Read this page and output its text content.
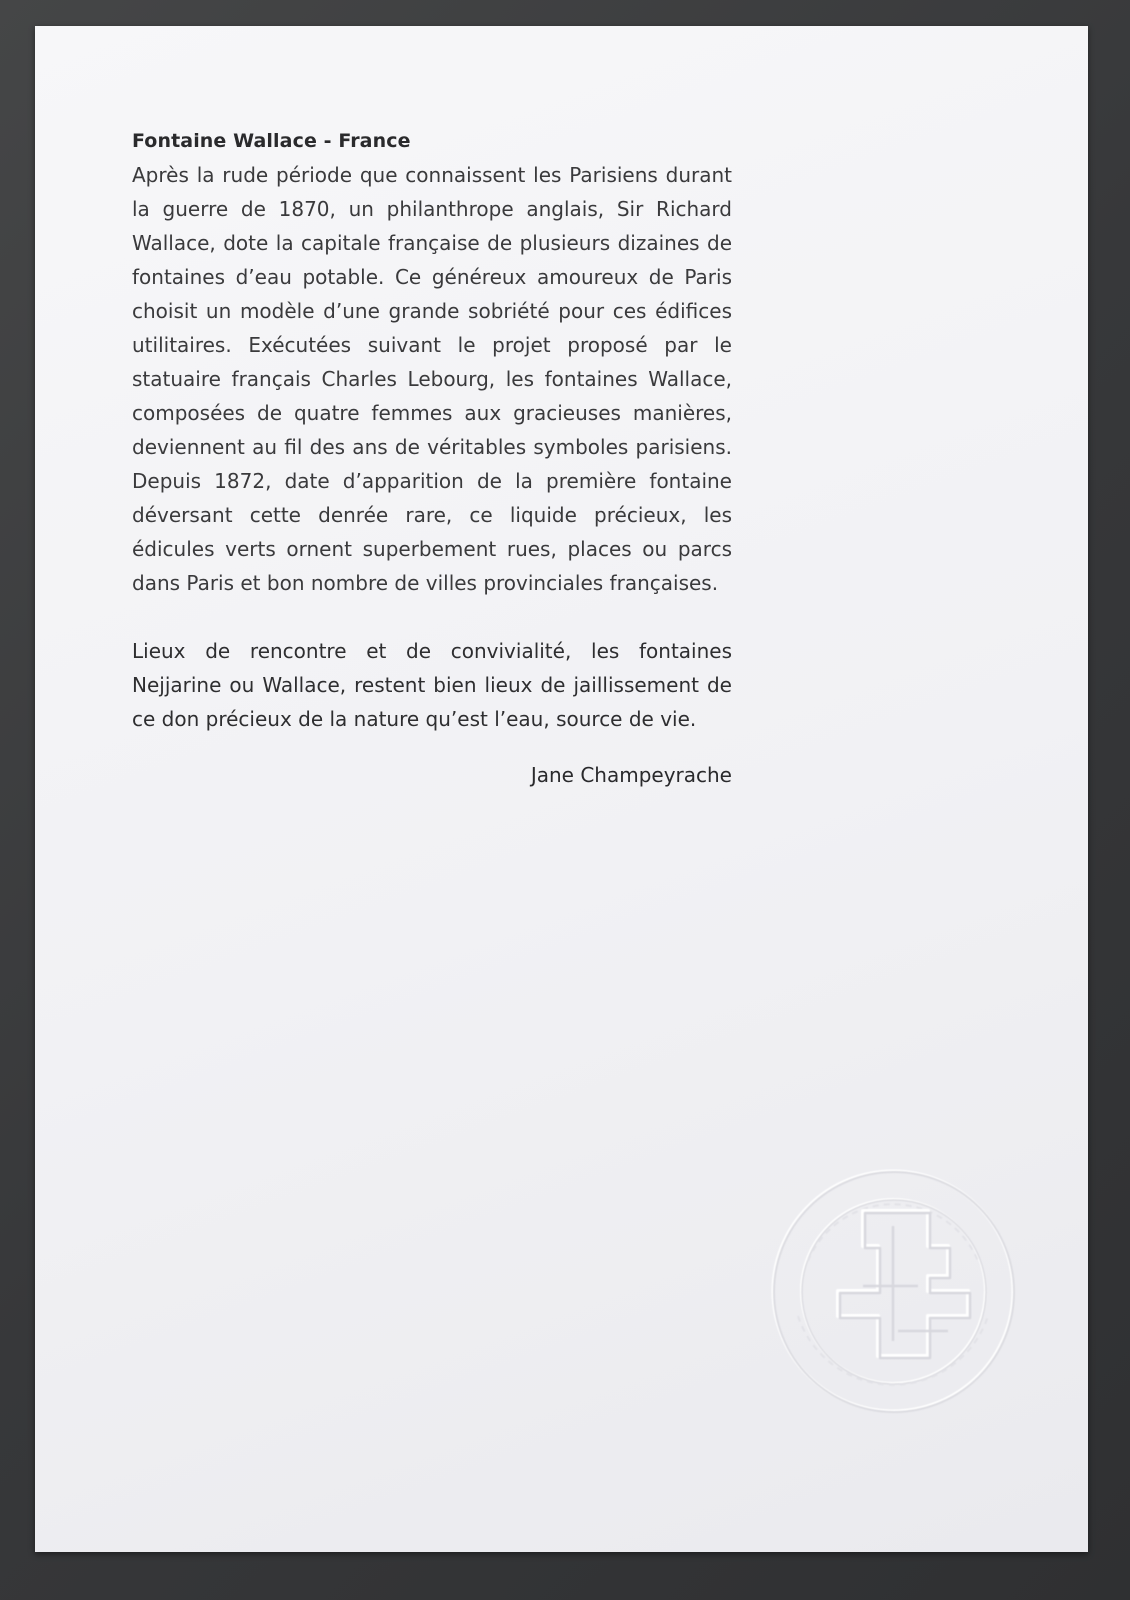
Fontaine Wallace - France

Après la rude période que connaissent les Parisiens durant la guerre de 1870, un philanthrope anglais, Sir Richard Wallace, dote la capitale française de plusieurs dizaines de fontaines d’eau potable. Ce généreux amoureux de Paris choisit un modèle d’une grande sobriété pour ces édifices utilitaires. Exécutées suivant le projet proposé par le statuaire français Charles Lebourg, les fontaines Wallace, composées de quatre femmes aux gracieuses manières, deviennent au fil des ans de véritables symboles parisiens. Depuis 1872, date d’apparition de la première fontaine déversant cette denrée rare, ce liquide précieux, les édicules verts ornent superbement rues, places ou parcs dans Paris et bon nombre de villes provinciales françaises.

Lieux de rencontre et de convivialité, les fontaines Nejjarine ou Wallace, restent bien lieux de jaillissement de ce don précieux de la nature qu’est l’eau, source de vie.

Jane Champeyrache
